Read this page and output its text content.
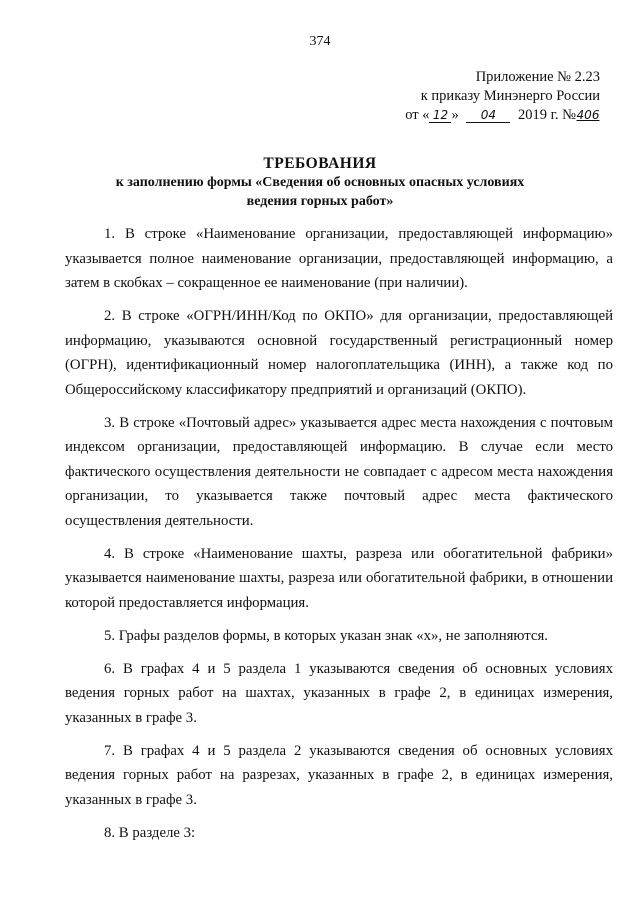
374
Приложение № 2.23
к приказу Минэнерго России
от « 12 » 04 2019 г. №406
ТРЕБОВАНИЯ
к заполнению формы «Сведения об основных опасных условиях
ведения горных работ»

1. В строке «Наименование организации, предоставляющей информацию» указывается полное наименование организации, предоставляющей информацию, а затем в скобках – сокращенное ее наименование (при наличии).

2. В строке «ОГРН/ИНН/Код по ОКПО» для организации, предоставляющей информацию, указываются основной государственный регистрационный номер (ОГРН), идентификационный номер налогоплательщика (ИНН), а также код по Общероссийскому классификатору предприятий и организаций (ОКПО).

3. В строке «Почтовый адрес» указывается адрес места нахождения с почтовым индексом организации, предоставляющей информацию. В случае если место фактического осуществления деятельности не совпадает с адресом места нахождения организации, то указывается также почтовый адрес места фактического осуществления деятельности.

4. В строке «Наименование шахты, разреза или обогатительной фабрики» указывается наименование шахты, разреза или обогатительной фабрики, в отношении которой предоставляется информация.

5. Графы разделов формы, в которых указан знак «х», не заполняются.

6. В графах 4 и 5 раздела 1 указываются сведения об основных условиях ведения горных работ на шахтах, указанных в графе 2, в единицах измерения, указанных в графе 3.

7. В графах 4 и 5 раздела 2 указываются сведения об основных условиях ведения горных работ на разрезах, указанных в графе 2, в единицах измерения, указанных в графе 3.

8. В разделе 3:
